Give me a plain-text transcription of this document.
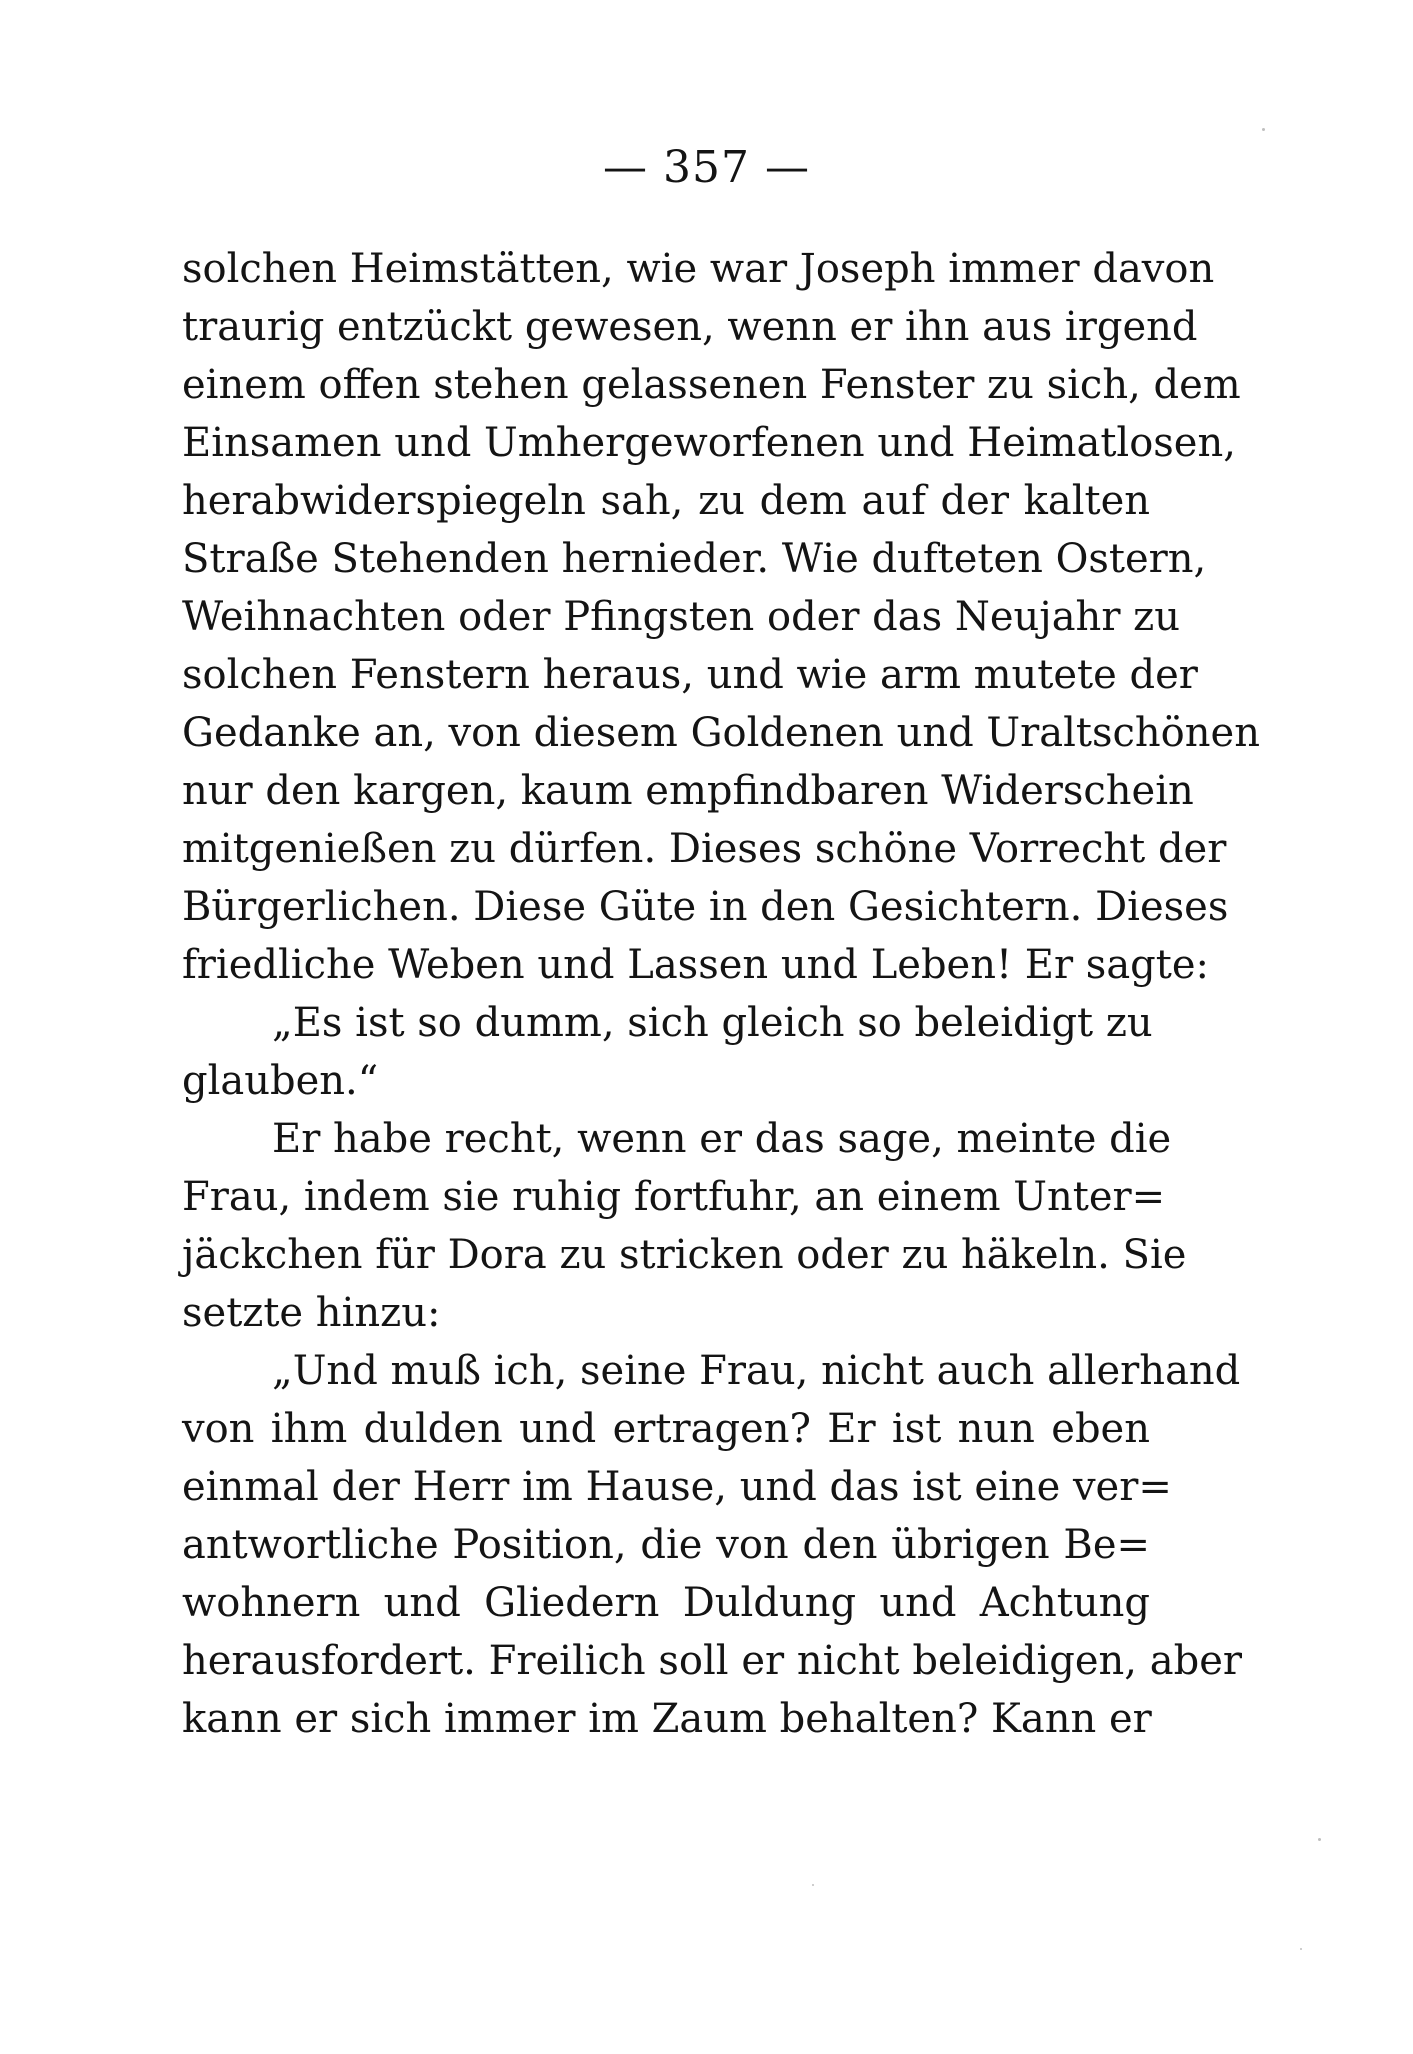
— 357 —
solchen Heimstätten, wie war Joseph immer davon
traurig entzückt gewesen, wenn er ihn aus irgend
einem offen stehen gelassenen Fenster zu sich, dem
Einsamen und Umhergeworfenen und Heimatlosen,
herabwiderspiegeln sah, zu dem auf der kalten
Straße Stehenden hernieder. Wie dufteten Ostern,
Weihnachten oder Pfingsten oder das Neujahr zu
solchen Fenstern heraus, und wie arm mutete der
Gedanke an, von diesem Goldenen und Uraltschönen
nur den kargen, kaum empfindbaren Widerschein
mitgenießen zu dürfen. Dieses schöne Vorrecht der
Bürgerlichen. Diese Güte in den Gesichtern. Dieses
friedliche Weben und Lassen und Leben! Er sagte:
„Es ist so dumm, sich gleich so beleidigt zu
glauben.“
Er habe recht, wenn er das sage, meinte die
Frau, indem sie ruhig fortfuhr, an einem Unter=
jäckchen für Dora zu stricken oder zu häkeln. Sie
setzte hinzu:
„Und muß ich, seine Frau, nicht auch allerhand
von ihm dulden und ertragen? Er ist nun eben
einmal der Herr im Hause, und das ist eine ver=
antwortliche Position, die von den übrigen Be=
wohnern und Gliedern Duldung und Achtung
herausfordert. Freilich soll er nicht beleidigen, aber
kann er sich immer im Zaum behalten? Kann er
